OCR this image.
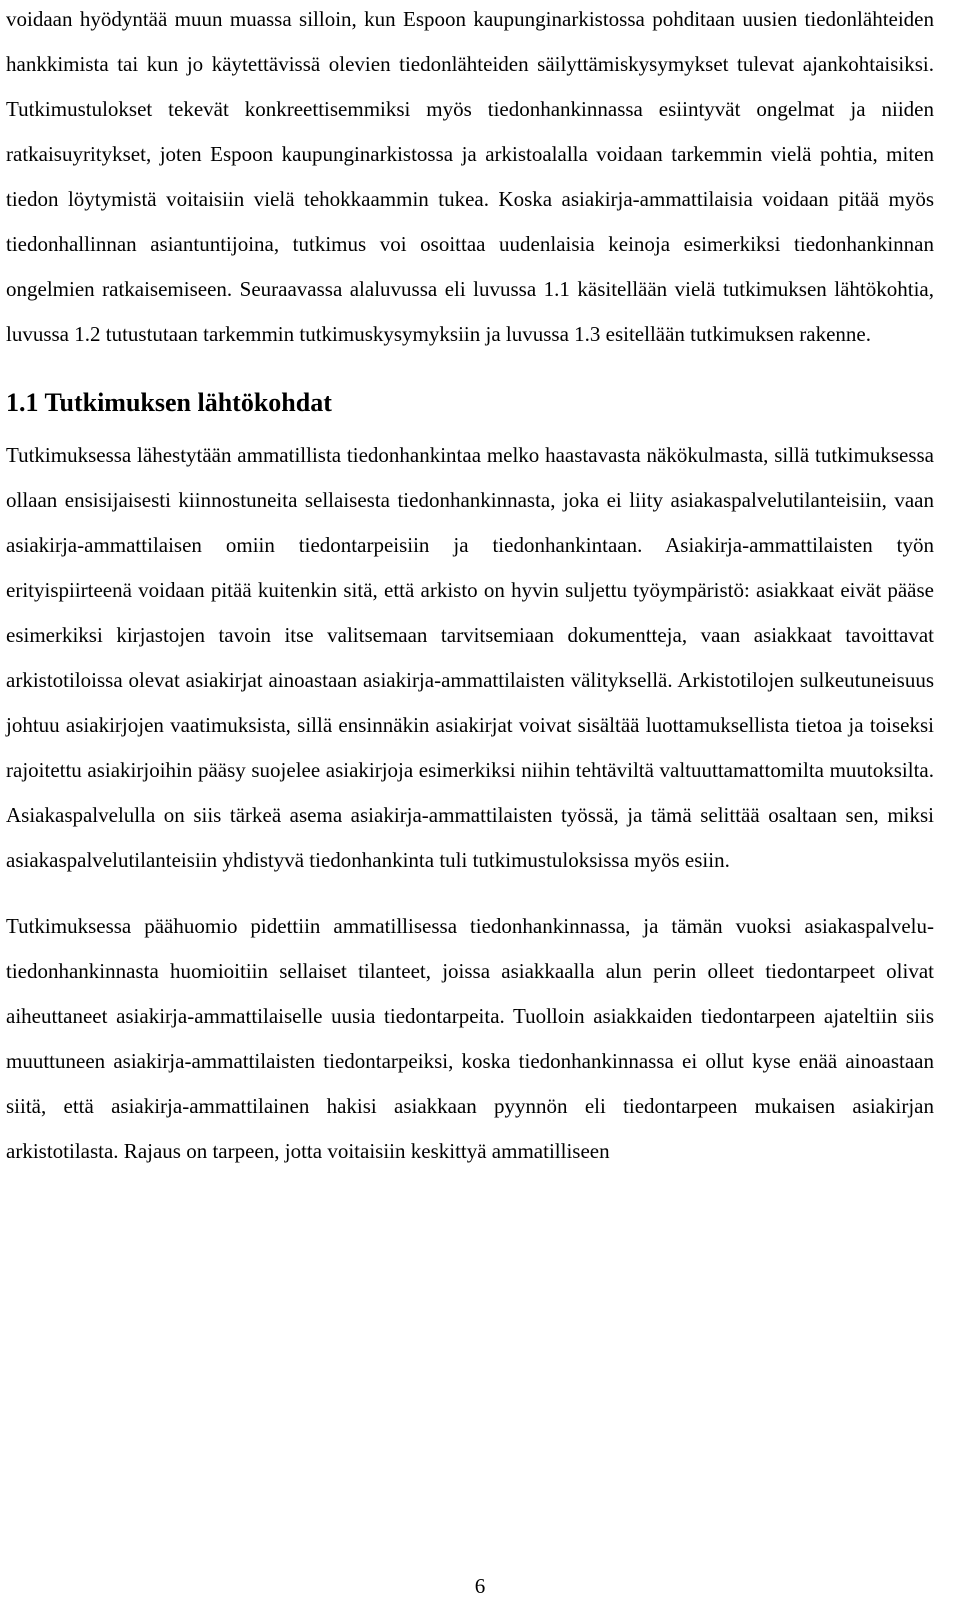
voidaan hyödyntää muun muassa silloin, kun Espoon kaupunginarkistossa pohditaan uusien tiedonlähteiden hankkimista tai kun jo käytettävissä olevien tiedonlähteiden säilyttämiskysymykset tulevat ajankohtaisiksi. Tutkimustulokset tekevät konkreettisemmiksi myös tiedonhankinnassa esiintyvät ongelmat ja niiden ratkaisuyritykset, joten Espoon kaupunginarkistossa ja arkistoalalla voidaan tarkemmin vielä pohtia, miten tiedon löytymistä voitaisiin vielä tehokkaammin tukea. Koska asiakirja-ammattilaisia voidaan pitää myös tiedonhallinnan asiantuntijoina, tutkimus voi osoittaa uudenlaisia keinoja esimerkiksi tiedonhankinnan ongelmien ratkaisemiseen. Seuraavassa alaluvussa eli luvussa 1.1 käsitellään vielä tutkimuksen lähtökohtia, luvussa 1.2 tutustutaan tarkemmin tutkimuskysymyksiin ja luvussa 1.3 esitellään tutkimuksen rakenne.

1.1 Tutkimuksen lähtökohdat

Tutkimuksessa lähestytään ammatillista tiedonhankintaa melko haastavasta näkökulmasta, sillä tutkimuksessa ollaan ensisijaisesti kiinnostuneita sellaisesta tiedonhankinnasta, joka ei liity asiakaspalvelutilanteisiin, vaan asiakirja-ammattilaisen omiin tiedontarpeisiin ja tiedonhankintaan. Asiakirja-ammattilaisten työn erityispiirteenä voidaan pitää kuitenkin sitä, että arkisto on hyvin suljettu työympäristö: asiakkaat eivät pääse esimerkiksi kirjastojen tavoin itse valitsemaan tarvitsemiaan dokumentteja, vaan asiakkaat tavoittavat arkistotiloissa olevat asiakirjat ainoastaan asiakirja-ammattilaisten välityksellä. Arkistotilojen sulkeutuneisuus johtuu asiakirjojen vaatimuksista, sillä ensinnäkin asiakirjat voivat sisältää luottamuksellista tietoa ja toiseksi rajoitettu asiakirjoihin pääsy suojelee asiakirjoja esimerkiksi niihin tehtäviltä valtuuttamattomilta muutoksilta. Asiakaspalvelulla on siis tärkeä asema asiakirja-ammattilaisten työssä, ja tämä selittää osaltaan sen, miksi asiakaspalvelutilanteisiin yhdistyvä tiedonhankinta tuli tutkimustuloksissa myös esiin.

Tutkimuksessa päähuomio pidettiin ammatillisessa tiedonhankinnassa, ja tämän vuoksi asiakaspalvelu-tiedonhankinnasta huomioitiin sellaiset tilanteet, joissa asiakkaalla alun perin olleet tiedontarpeet olivat aiheuttaneet asiakirja-ammattilaiselle uusia tiedontarpeita. Tuolloin asiakkaiden tiedontarpeen ajateltiin siis muuttuneen asiakirja-ammattilaisten tiedontarpeiksi, koska tiedonhankinnassa ei ollut kyse enää ainoastaan siitä, että asiakirja-ammattilainen hakisi asiakkaan pyynnön eli tiedontarpeen mukaisen asiakirjan arkistotilasta. Rajaus on tarpeen, jotta voitaisiin keskittyä ammatilliseen

6
